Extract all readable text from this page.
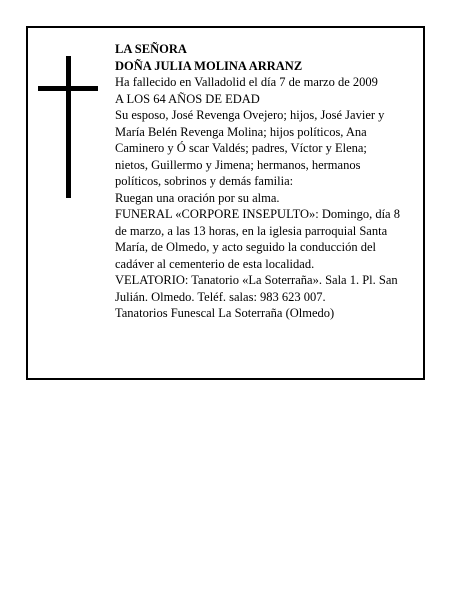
LA SEÑORA
DOÑA JULIA MOLINA ARRANZ
Ha fallecido en Valladolid el día 7 de marzo de 2009
A LOS 64 AÑOS DE EDAD
Su esposo, José Revenga Ovejero; hijos, José Javier y
María Belén Revenga Molina; hijos políticos, Ana
Caminero y Ó scar Valdés; padres, Víctor y Elena;
nietos, Guillermo y Jimena; hermanos, hermanos
políticos, sobrinos y demás familia:
Ruegan una oración por su alma.
FUNERAL «CORPORE INSEPULTO»: Domingo, día 8
de marzo, a las 13 horas, en la iglesia parroquial Santa
María, de Olmedo, y acto seguido la conducción del
cadáver al cementerio de esta localidad.
VELATORIO: Tanatorio «La Soterraña». Sala 1. Pl. San
Julián. Olmedo. Teléf. salas: 983 623 007.
Tanatorios Funescal La Soterraña (Olmedo)
